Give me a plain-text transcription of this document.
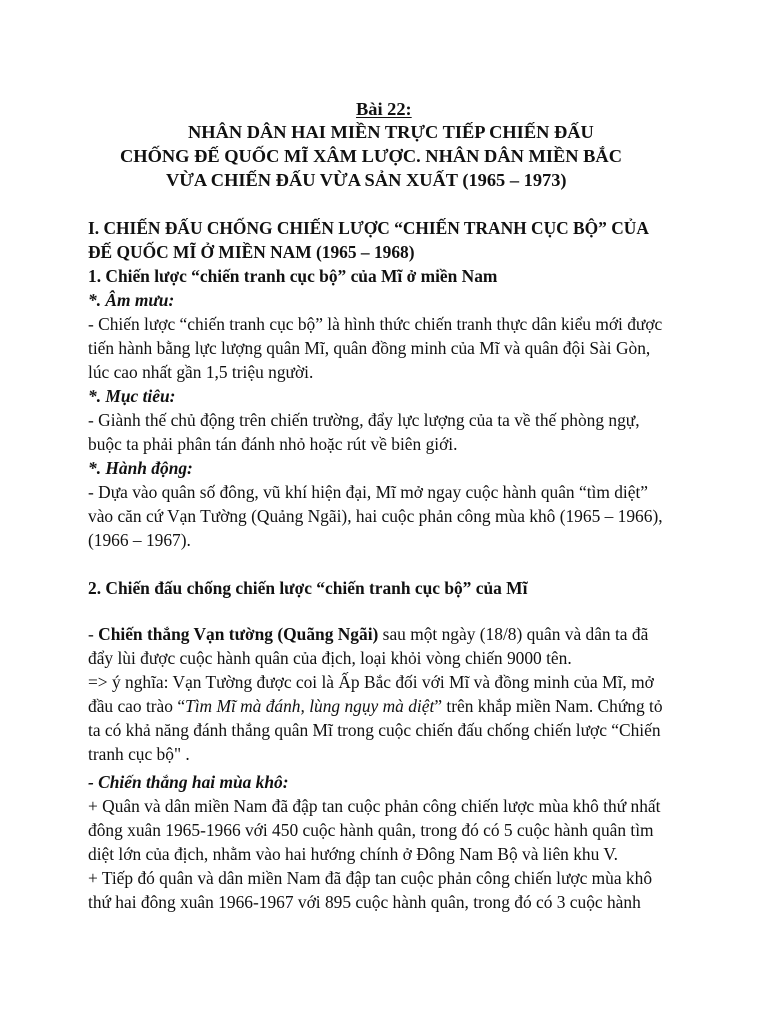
Bài 22:
NHÂN DÂN HAI MIỀN TRỰC TIẾP CHIẾN ĐẤU
CHỐNG ĐẾ QUỐC MĨ XÂM LƯỢC. NHÂN DÂN MIỀN BẮC
VỪA CHIẾN ĐẤU VỪA SẢN XUẤT (1965 – 1973)
I. CHIẾN ĐẤU CHỐNG CHIẾN LƯỢC “CHIẾN TRANH CỤC BỘ” CỦA
ĐẾ QUỐC MĨ Ở MIỀN NAM (1965 – 1968)
1. Chiến lược “chiến tranh cục bộ” của Mĩ ở miền Nam
*. Âm mưu:
- Chiến lược “chiến tranh cục bộ” là hình thức chiến tranh thực dân kiểu mới được
tiến hành bằng lực lượng quân Mĩ, quân đồng minh của Mĩ và quân đội Sài Gòn,
lúc cao nhất gần 1,5 triệu người.
*. Mục tiêu:
- Giành thế chủ động trên chiến trường, đẩy lực lượng của ta về thế phòng ngự,
buộc ta phải phân tán đánh nhỏ hoặc rút về biên giới.
*. Hành động:
- Dựa vào quân số đông, vũ khí hiện đại, Mĩ mở ngay cuộc hành quân “tìm diệt”
vào căn cứ Vạn Tường (Quảng Ngãi), hai cuộc phản công mùa khô (1965 – 1966),
(1966 – 1967).
2. Chiến đấu chống chiến lược “chiến tranh cục bộ” của Mĩ
- Chiến thắng Vạn tường (Quãng Ngãi) sau một ngày (18/8) quân và dân ta đã
đẩy lùi được cuộc hành quân của địch, loại khỏi vòng chiến 9000 tên.
=> ý nghĩa: Vạn Tường được coi là Ấp Bắc đối với Mĩ và đồng minh của Mĩ, mở
đầu cao trào “Tìm Mĩ mà đánh, lùng ngụy mà diệt” trên khắp miền Nam. Chứng tỏ
ta có khả năng đánh thắng quân Mĩ trong cuộc chiến đấu chống chiến lược “Chiến
tranh cục bộ" .
- Chiến thắng hai mùa khô:
+ Quân và dân miền Nam đã đập tan cuộc phản công chiến lược mùa khô thứ nhất
đông xuân 1965-1966 với 450 cuộc hành quân, trong đó có 5 cuộc hành quân tìm
diệt lớn của địch, nhằm vào hai hướng chính ở Đông Nam Bộ và liên khu V.
+ Tiếp đó quân và dân miền Nam đã đập tan cuộc phản công chiến lược mùa khô
thứ hai đông xuân 1966-1967 với 895 cuộc hành quân, trong đó có 3 cuộc hành
